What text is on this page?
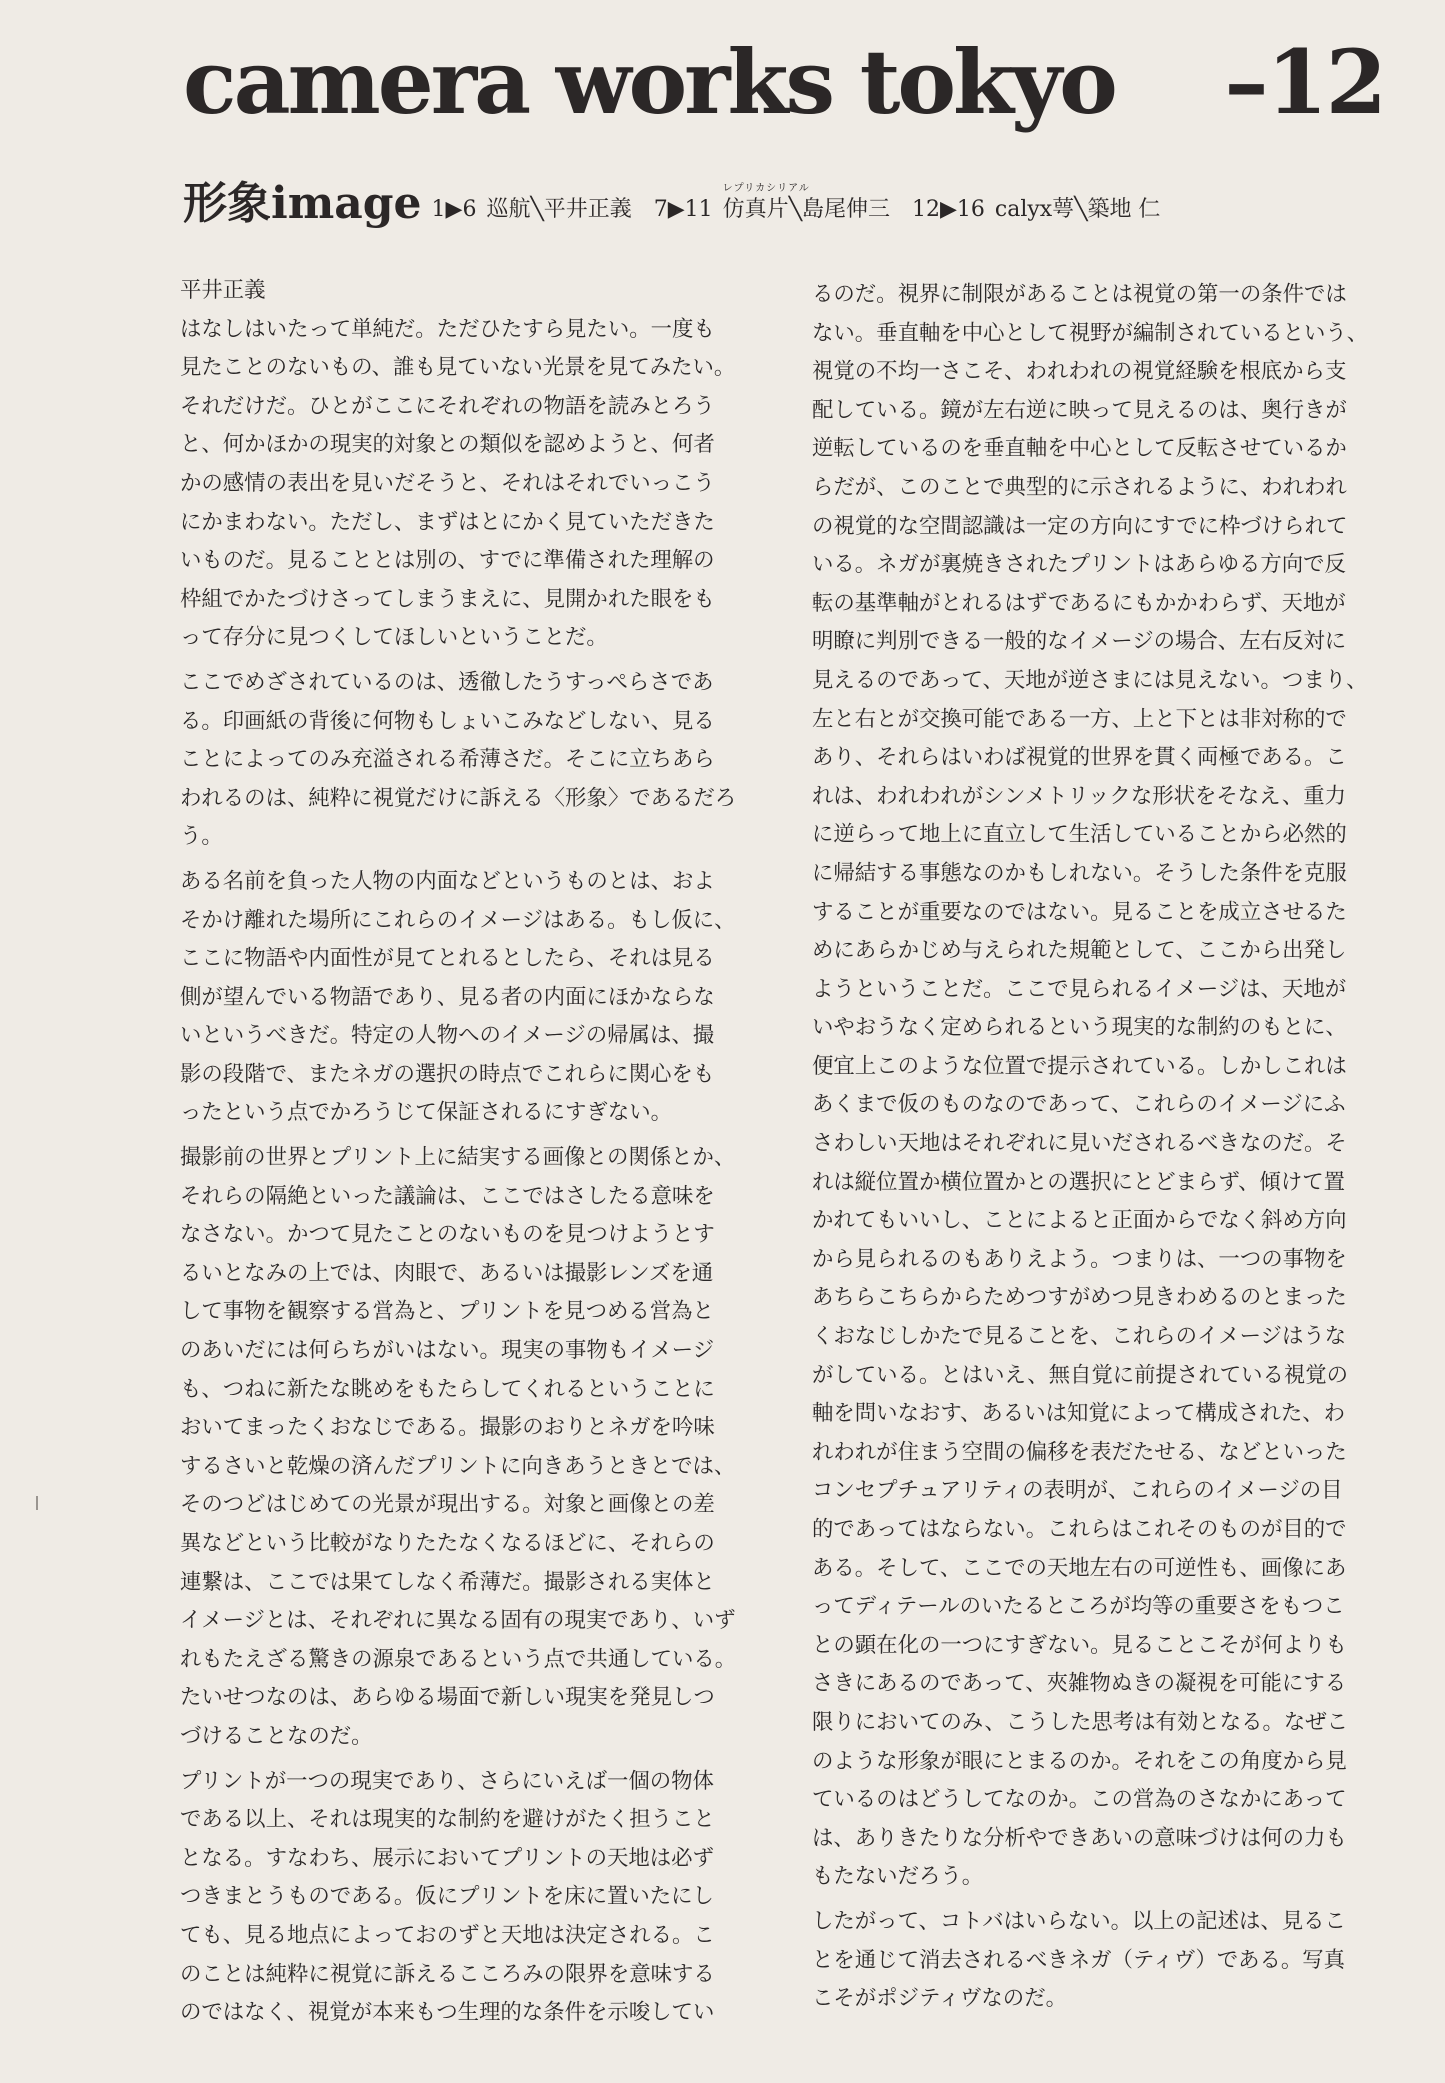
camera works tokyo –12
形象 image 1▶6 巡航 ╲ 平井正義 7▶11
レプリカシリアル
仿真片 ╲ 島尾伸三 12▶16 calyx萼 ╲ 築地 仁
平井正義

はなしはいたって単純だ。ただひたすら見たい。一度も
見たことのないもの、誰も見ていない光景を見てみたい。
それだけだ。ひとがここにそれぞれの物語を読みとろう
と、何かほかの現実的対象との類似を認めようと、何者
かの感情の表出を見いだそうと、それはそれでいっこう
にかまわない。ただし、まずはとにかく見ていただきた
いものだ。見ることとは別の、すでに準備された理解の
枠組でかたづけさってしまうまえに、見開かれた眼をも
って存分に見つくしてほしいということだ。

ここでめざされているのは、透徹したうすっぺらさであ
る。印画紙の背後に何物もしょいこみなどしない、見る
ことによってのみ充溢される希薄さだ。そこに立ちあら
われるのは、純粋に視覚だけに訴える〈形象〉であるだろ
う。

ある名前を負った人物の内面などというものとは、およ
そかけ離れた場所にこれらのイメージはある。もし仮に、
ここに物語や内面性が見てとれるとしたら、それは見る
側が望んでいる物語であり、見る者の内面にほかならな
いというべきだ。特定の人物へのイメージの帰属は、撮
影の段階で、またネガの選択の時点でこれらに関心をも
ったという点でかろうじて保証されるにすぎない。

撮影前の世界とプリント上に結実する画像との関係とか、
それらの隔絶といった議論は、ここではさしたる意味を
なさない。かつて見たことのないものを見つけようとす
るいとなみの上では、肉眼で、あるいは撮影レンズを通
して事物を観察する営為と、プリントを見つめる営為と
のあいだには何らちがいはない。現実の事物もイメージ
も、つねに新たな眺めをもたらしてくれるということに
おいてまったくおなじである。撮影のおりとネガを吟味
するさいと乾燥の済んだプリントに向きあうときとでは、
そのつどはじめての光景が現出する。対象と画像との差
異などという比較がなりたたなくなるほどに、それらの
連繋は、ここでは果てしなく希薄だ。撮影される実体と
イメージとは、それぞれに異なる固有の現実であり、いず
れもたえざる驚きの源泉であるという点で共通している。
たいせつなのは、あらゆる場面で新しい現実を発見しつ
づけることなのだ。

プリントが一つの現実であり、さらにいえば一個の物体
である以上、それは現実的な制約を避けがたく担うこと
となる。すなわち、展示においてプリントの天地は必ず
つきまとうものである。仮にプリントを床に置いたにし
ても、見る地点によっておのずと天地は決定される。こ
のことは純粋に視覚に訴えるこころみの限界を意味する
のではなく、視覚が本来もつ生理的な条件を示唆してい

るのだ。視界に制限があることは視覚の第一の条件では
ない。垂直軸を中心として視野が編制されているという、
視覚の不均一さこそ、われわれの視覚経験を根底から支
配している。鏡が左右逆に映って見えるのは、奥行きが
逆転しているのを垂直軸を中心として反転させているか
らだが、このことで典型的に示されるように、われわれ
の視覚的な空間認識は一定の方向にすでに枠づけられて
いる。ネガが裏焼きされたプリントはあらゆる方向で反
転の基準軸がとれるはずであるにもかかわらず、天地が
明瞭に判別できる一般的なイメージの場合、左右反対に
見えるのであって、天地が逆さまには見えない。つまり、
左と右とが交換可能である一方、上と下とは非対称的で
あり、それらはいわば視覚的世界を貫く両極である。こ
れは、われわれがシンメトリックな形状をそなえ、重力
に逆らって地上に直立して生活していることから必然的
に帰結する事態なのかもしれない。そうした条件を克服
することが重要なのではない。見ることを成立させるた
めにあらかじめ与えられた規範として、ここから出発し
ようということだ。ここで見られるイメージは、天地が
いやおうなく定められるという現実的な制約のもとに、
便宜上このような位置で提示されている。しかしこれは
あくまで仮のものなのであって、これらのイメージにふ
さわしい天地はそれぞれに見いだされるべきなのだ。そ
れは縦位置か横位置かとの選択にとどまらず、傾けて置
かれてもいいし、ことによると正面からでなく斜め方向
から見られるのもありえよう。つまりは、一つの事物を
あちらこちらからためつすがめつ見きわめるのとまった
くおなじしかたで見ることを、これらのイメージはうな
がしている。とはいえ、無自覚に前提されている視覚の
軸を問いなおす、あるいは知覚によって構成された、わ
れわれが住まう空間の偏移を表だたせる、などといった
コンセプチュアリティの表明が、これらのイメージの目
的であってはならない。これらはこれそのものが目的で
ある。そして、ここでの天地左右の可逆性も、画像にあ
ってディテールのいたるところが均等の重要さをもつこ
との顕在化の一つにすぎない。見ることこそが何よりも
さきにあるのであって、夾雑物ぬきの凝視を可能にする
限りにおいてのみ、こうした思考は有効となる。なぜこ
のような形象が眼にとまるのか。それをこの角度から見
ているのはどうしてなのか。この営為のさなかにあって
は、ありきたりな分析やできあいの意味づけは何の力も
もたないだろう。

したがって、コトバはいらない。以上の記述は、見るこ
とを通じて消去されるべきネガ（ティヴ）である。写真
こそがポジティヴなのだ。
